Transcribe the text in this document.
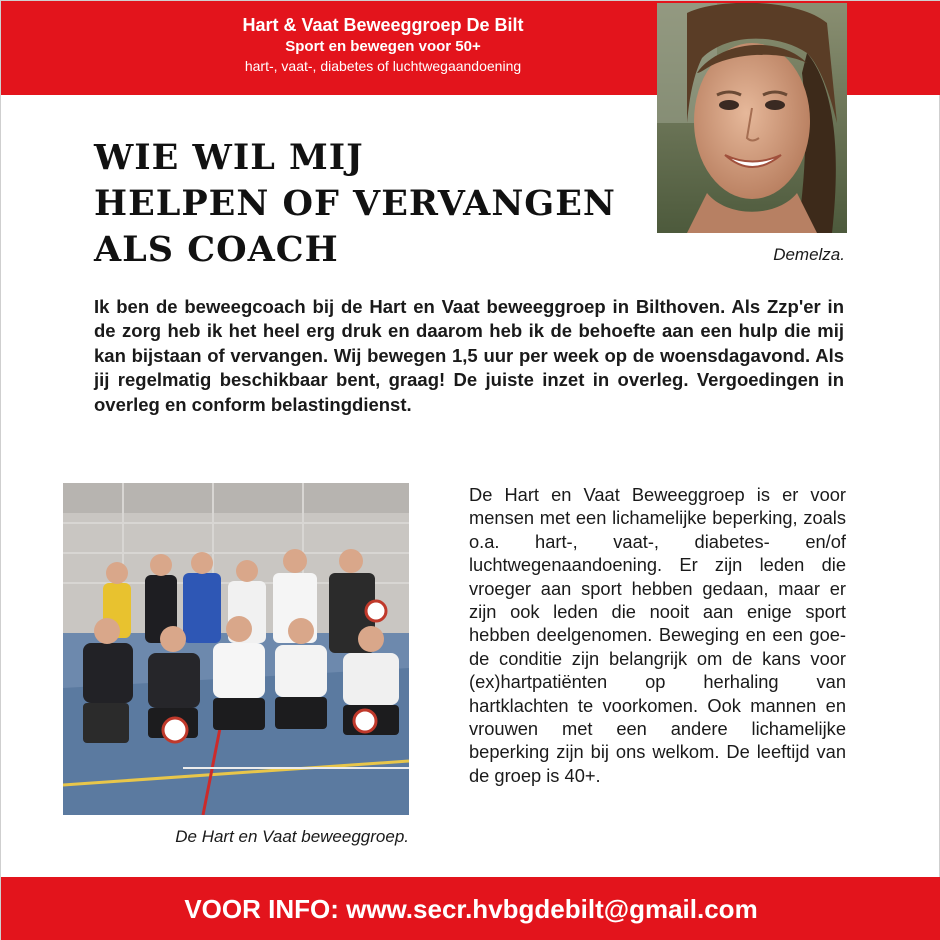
Hart & Vaat Beweeggroep De Bilt
Sport en bewegen voor 50+
hart-, vaat-, diabetes of luchtwegaandoening
Demelza.
WIE WIL MIJ
HELPEN OF VERVANGEN
ALS COACH

Ik ben de beweegcoach bij de Hart en Vaat beweeggroep in Bilthoven. Als Zzp'er in de zorg heb ik het heel erg druk en daarom heb ik de behoefte aan een hulp die mij kan bijstaan of vervangen. Wij bewegen 1,5 uur per week op de woensdagavond. Als jij regelmatig beschikbaar bent, graag! De juiste inzet in overleg. Vergoedingen in overleg en conform belastingdienst.

De Hart en Vaat beweeggroep.

De Hart en Vaat Beweeggroep is er voor mensen met een lichamelijke beperking, zoals o.a. hart-, vaat-, diabetes- en/of luchtwegenaandoening. Er zijn leden die vroeger aan sport hebben gedaan, maar er zijn ook leden die nooit aan enige sport hebben deelgenomen. Beweging en een goede conditie zijn belangrijk om de kans voor (ex)hartpatiënten op herhaling van hartklachten te voorkomen. Ook mannen en vrouwen met een andere lichamelijke beperking zijn bij ons welkom. De leeftijd van de groep is 40+.

VOOR INFO: www.secr.hvbgdebilt@gmail.com
